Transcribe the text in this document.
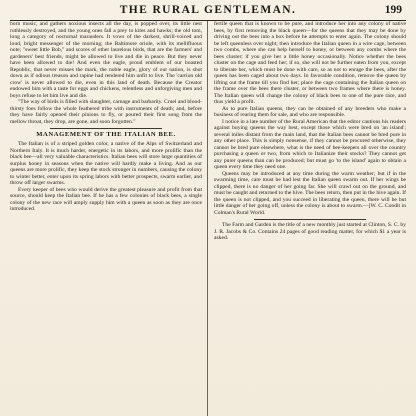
THE RURAL GENTLEMAN.	199

born music, and gathers noxious insects all the day, is popped over, its little nest ruthlessly destroyed, and the young ones fall a prey to kites and hawks; the old tom, long a category of nocturnal marauders. It vows of the darkest, shrill-voiced and loud, bright messenger of the morning; the Baltimore oriole, with its mellifluous note; "sweet little Bob," and scores of other laurelous birds, that are the farmers' and gardeners' best friends, might be allowed to live and die in peace. But they never have been allowed to die! And even the eagle, proud emblem of our boasted Republic, that never misses the mark, the noble eagle, glory of our nation, is shot down as if odious treason and rapine had rendered him unfit to live. The 'carrion old crow' is never allowed to die, even in this land of death. Because the Creator endowed him with a taste for eggs and chickens, relentless and unforgiving men and boys refuse to let him live and die.

"The way of birds is filled with slaughter, carnage and barbarity. Cruel and blood-thirsty foes follow the whole feathered tribe with instruments of death; and, before they have fairly opened their pinions to fly, or poured their first song from the mellow throat, they drop, are gone, and soon forgotten."

MANAGEMENT OF THE ITALIAN BEE.

The Italian is of a striped golden color, a native of the Alps of Switzerland and Northern Italy. It is much harder, energetic in its labors, and more prolific than the black bee—all very valuable characteristics. Italian bees will store large quantities of surplus honey in seasons when the native will hardly make a living. And as our queens are more prolific, they keep the stock stronger in numbers, causing the colony to winter better, enter upon its spring labors with better prospects, swarm earlier, and throw off larger swarms.

Every keeper of bees who would derive the greatest pleasure and profit from that source, should keep the Italian bee. If he has a few colonies of black bees, a single colony of the new race will amply supply him with a queen as soon as they are once introduced.

fertile queen that is known to be pure, and introduce her into any colony of native bees, by first removing the black queen—for the queens that they may be done by driving out the bees into a box before he attempts to enter again. The colony should be left queenless over night; then introduce the Italian queen in a wire cage, between two combs, where she can help herself to honey, or between any combs where the bees cluster; if you give her a little honey occasionally. Notice whether the bees cluster on the cage and feed her; if so, she will not be further eaten from you, except to liberate her, which must be done with care, so as not to enrage the bees, after the queen has been caged about two days. In favorable condition, remove the queen by lifting out the frame till you find her; place the cage containing the Italian queen on the frame over the bees there cluster, or between two frames where there is honey. The Italian queen will change the colony of black bees to one of the pure race, and thus yield a profit.

As to pure Italian queens, they can be obtained of any breeders who make a business of rearing them for sale, and who are responsible.

I notice in a late number of the Rural American that the editor cautions his readers against buying queens the way best, except those which were bred on 'an island'; several miles distant from the main land, that the Italian bees cannot be bred pure in any other place. This is simply nonsense, if they cannot be procured otherwise, they cannot be bred pure elsewhere, what is the need of bee-keepers all over the country purchasing a queen or two, from which to Italianize their stocks? They cannot get any purer queens than can be produced; but must go 'to the island' again to obtain a queen every time they need one.

Queens may be introduced at any time during the warm weather; but if in the swarming time, care must be had lest the Italian queen swarm out. If her wings be clipped, there is no danger of her going far. She will crawl out on the ground, and must be caught and returned to the hive. The bees return, then put in the hive again. If the queen is not clipped, and you succeed in liberating the queen, there will be but little danger of her going off, unless the colony is about to swarm.—[W. C. Condit in Colman's Rural World.

The Farm and Garden is the title of a new monthly just started at Clinton, S. C. by J. R. Jacobs & Co. Contains 24 pages of good reading matter, for which $1 a year is asked.
